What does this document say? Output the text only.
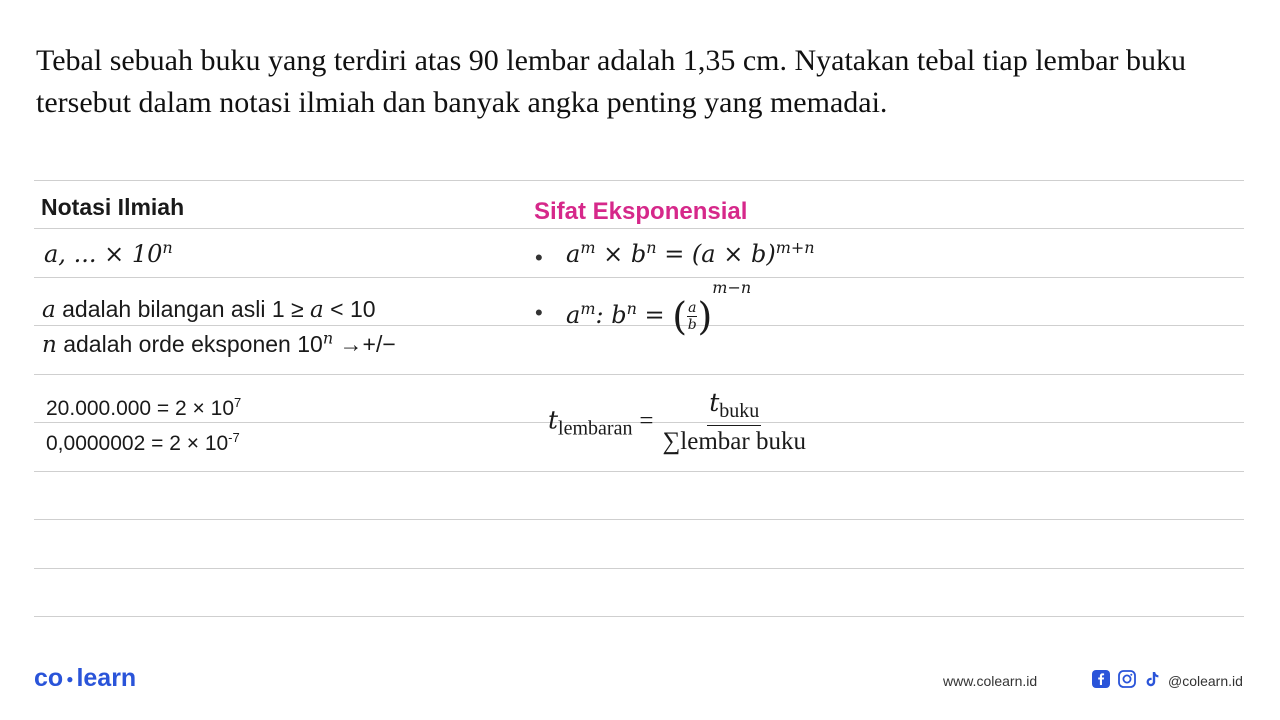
Tebal sebuah buku yang terdiri atas 90 lembar adalah 1,35 cm. Nyatakan tebal tiap lembar buku tersebut dalam notasi ilmiah dan banyak angka penting yang memadai.

Notasi Ilmiah	Sifat Eksponensial
a, ... × $10^n$
a adalah bilangan asli 1 ≥ a < 10
n adalah orde eksponen $10^n$ →+/−
$20.000.000 = 2 \times 10^7$
$0,0000002 = 2 \times 10^{-7}$
• $a^m \times b^n = (a \times b)^{m+n}$
• $a^m$: $b^n$ = ( $\frac{a}{b} )^{m-n}$
$t_{lembaran} = \frac{t_{buku}}{\text{∑lembar buku}}$
co ● learn	www.colearn.id	@colearn.id
